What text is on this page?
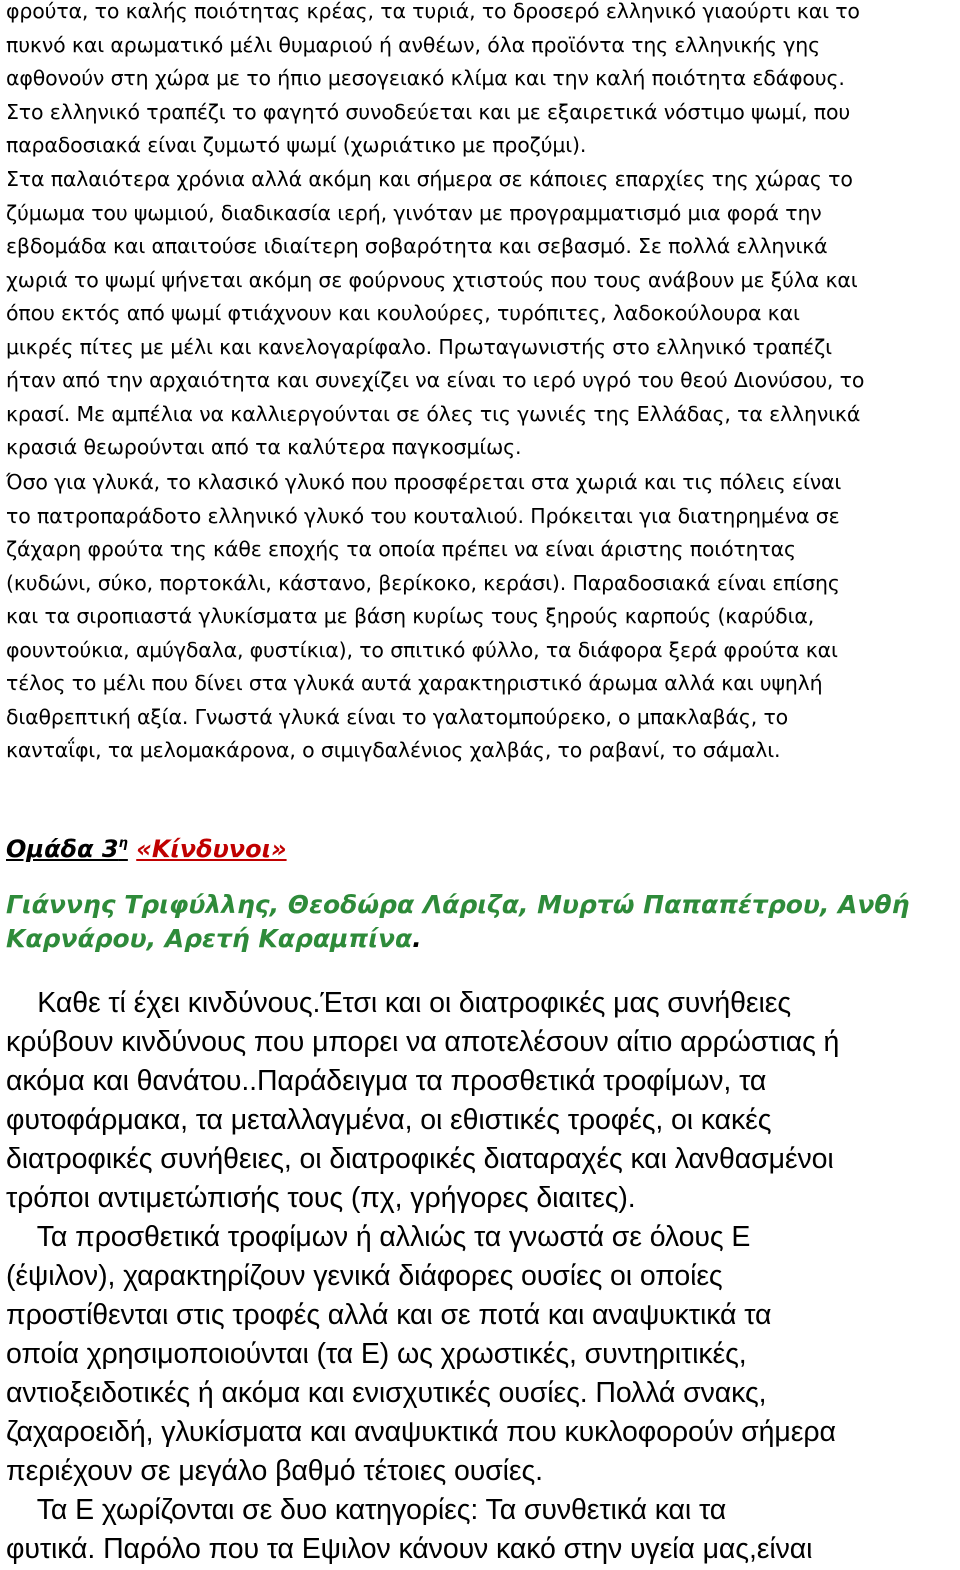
φρούτα, το καλής ποιότητας κρέας, τα τυριά, το δροσερό ελληνικό γιαούρτι και το
πυκνό και αρωματικό μέλι θυμαριού ή ανθέων, όλα προϊόντα της ελληνικής γης
αφθονούν στη χώρα με το ήπιο μεσογειακό κλίμα και την καλή ποιότητα εδάφους.
Στο ελληνικό τραπέζι το φαγητό συνοδεύεται και με εξαιρετικά νόστιμο ψωμί, που
παραδοσιακά είναι ζυμωτό ψωμί (χωριάτικο με προζύμι).

Στα παλαιότερα χρόνια αλλά ακόμη και σήμερα σε κάποιες επαρχίες της χώρας το
ζύμωμα του ψωμιού, διαδικασία ιερή, γινόταν με προγραμματισμό μια φορά την
εβδομάδα και απαιτούσε ιδιαίτερη σοβαρότητα και σεβασμό. Σε πολλά ελληνικά
χωριά το ψωμί ψήνεται ακόμη σε φούρνους χτιστούς που τους ανάβουν με ξύλα και
όπου εκτός από ψωμί φτιάχνουν και κουλούρες, τυρόπιτες, λαδοκούλουρα και
μικρές πίτες με μέλι και κανελογαρίφαλο. Πρωταγωνιστής στο ελληνικό τραπέζι
ήταν από την αρχαιότητα και συνεχίζει να είναι το ιερό υγρό του θεού Διονύσου, το
κρασί. Με αμπέλια να καλλιεργούνται σε όλες τις γωνιές της Ελλάδας, τα ελληνικά
κρασιά θεωρούνται από τα καλύτερα παγκοσμίως.

Όσο για γλυκά, το κλασικό γλυκό που προσφέρεται στα χωριά και τις πόλεις είναι
το πατροπαράδοτο ελληνικό γλυκό του κουταλιού. Πρόκειται για διατηρημένα σε
ζάχαρη φρούτα της κάθε εποχής τα οποία πρέπει να είναι άριστης ποιότητας
(κυδώνι, σύκο, πορτοκάλι, κάστανο, βερίκοκο, κεράσι). Παραδοσιακά είναι επίσης
και τα σιροπιαστά γλυκίσματα με βάση κυρίως τους ξηρούς καρπούς (καρύδια,
φουντούκια, αμύγδαλα, φυστίκια), το σπιτικό φύλλο, τα διάφορα ξερά φρούτα και
τέλος το μέλι που δίνει στα γλυκά αυτά χαρακτηριστικό άρωμα αλλά και υψηλή
διαθρεπτική αξία. Γνωστά γλυκά είναι το γαλατομπούρεκο, ο μπακλαβάς, το
κανταΐφι, τα μελομακάρονα, ο σιμιγδαλένιος χαλβάς, το ραβανί, το σάμαλι.

Ομάδα $3^\eta$ «Κίνδυνοι»

Γιάννης Τριφύλλης, Θεοδώρα Λάριζα, Μυρτώ Παπαπέτρου, Ανθή
Καρνάρου, Αρετή Καραμπίνα.

Καθε τί έχει κινδύνους.Έτσι και οι διατροφικές μας συνήθειες
κρύβουν κινδύνους που μπορει να αποτελέσουν αίτιο αρρώστιας ή
ακόμα και θανάτου..Παράδειγμα τα προσθετικά τροφίμων, τα
φυτοφάρμακα, τα μεταλλαγμένα, οι εθιστικές τροφές, οι κακές
διατροφικές συνήθειες, οι διατροφικές διαταραχές και λανθασμένοι
τρόποι αντιμετώπισής τους (πχ, γρήγορες διαιτες).

Τα προσθετικά τροφίμων ή αλλιώς τα γνωστά σε όλους Ε
(έψιλον), χαρακτηρίζουν γενικά διάφορες ουσίες οι οποίες
προστίθενται στις τροφές αλλά και σε ποτά και αναψυκτικά τα
οποία χρησιμοποιούνται (τα Ε) ως χρωστικές, συντηριτικές,
αντιοξειδοτικές ή ακόμα και ενισχυτικές ουσίες. Πολλά σνακς,
ζαχαροειδή, γλυκίσματα και αναψυκτικά που κυκλοφορούν σήμερα
περιέχουν σε μεγάλο βαθμό τέτοιες ουσίες.

Τα Ε χωρίζονται σε δυο κατηγορίες: Τα συνθετικά και τα
φυτικά. Παρόλο που τα Εψιλον κάνουν κακό στην υγεία μας,είναι
